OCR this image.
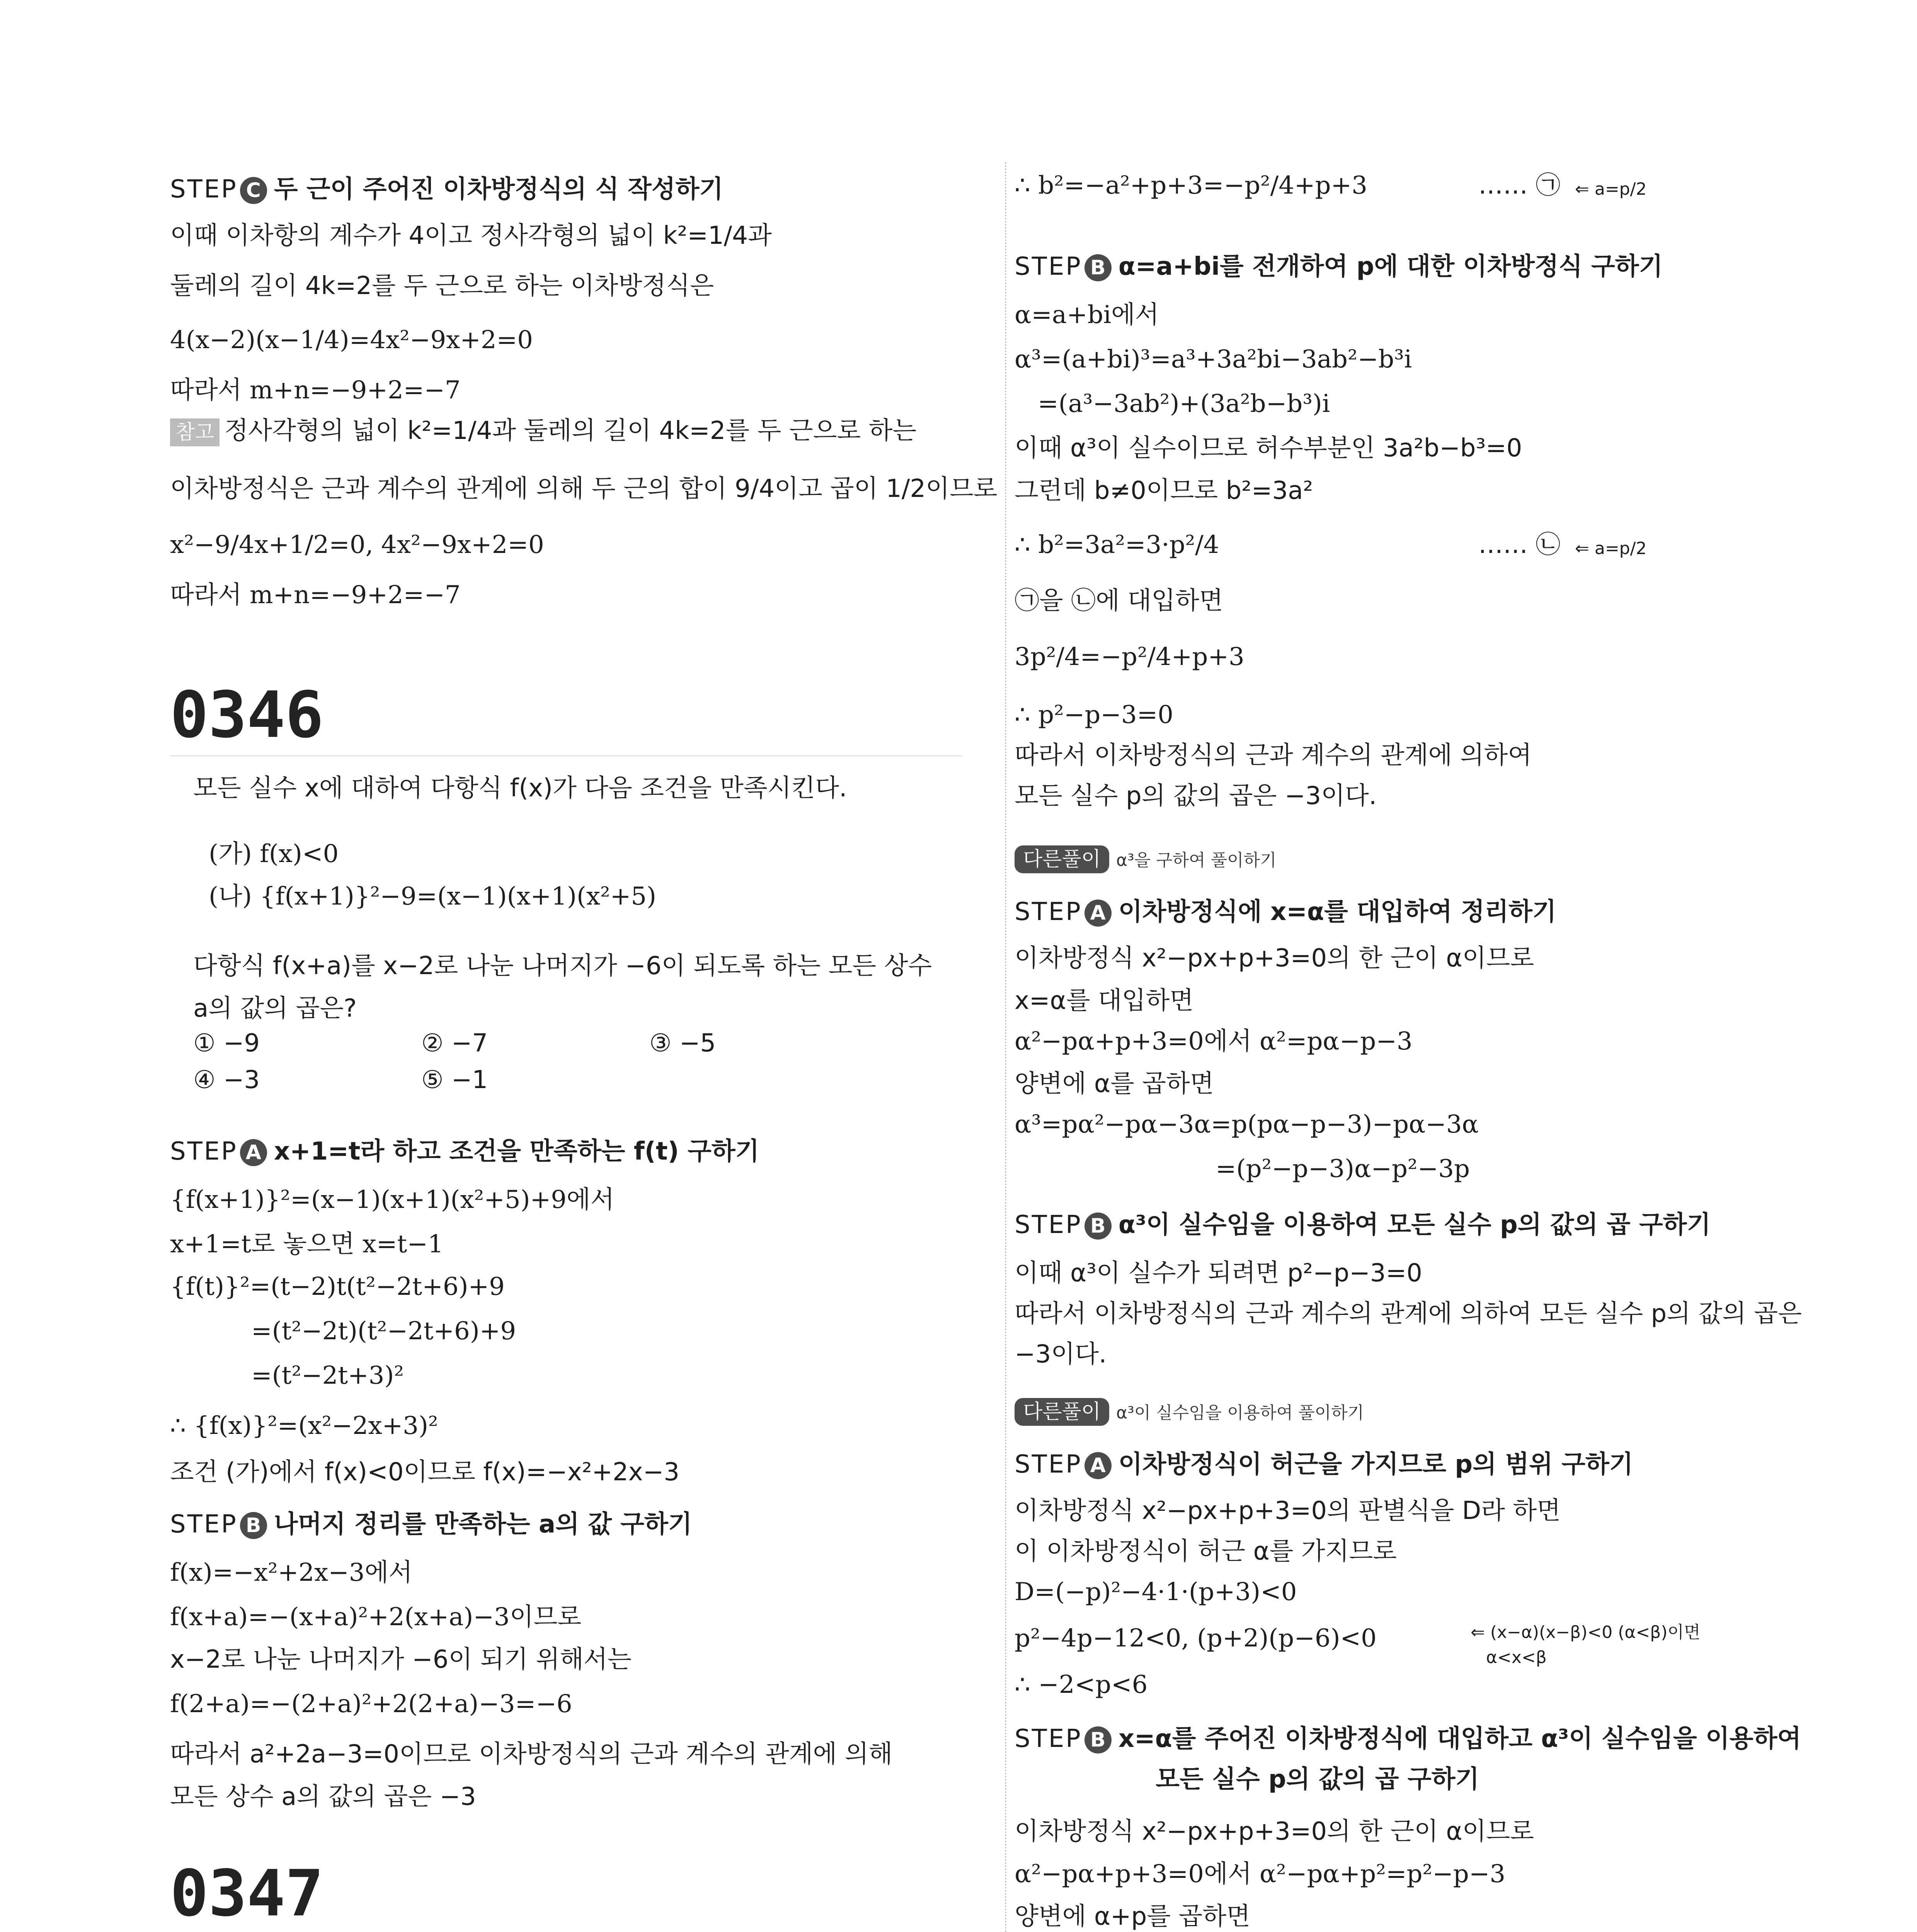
STEP C 두 근이 주어진 이차방정식의 식 작성하기
이때 이차항의 계수가 4이고 정사각형의 넓이 k²=1/4과
둘레의 길이 4k=2를 두 근으로 하는 이차방정식은
4(x−2)(x−1/4)=4x²−9x+2=0
따라서 m+n=−9+2=−7
참고 정사각형의 넓이 k²=1/4과 둘레의 길이 4k=2를 두 근으로 하는
이차방정식은 근과 계수의 관계에 의해 두 근의 합이 9/4이고 곱이 1/2이므로
x²−9/4x+1/2=0, 4x²−9x+2=0
따라서 m+n=−9+2=−7
0346
모든 실수 x에 대하여 다항식 f(x)가 다음 조건을 만족시킨다.
(가) f(x)<0
(나) {f(x+1)}²−9=(x−1)(x+1)(x²+5)
다항식 f(x+a)를 x−2로 나눈 나머지가 −6이 되도록 하는 모든 상수
a의 값의 곱은?
① −9	② −7	③ −5
④ −3	⑤ −1
STEP A x+1=t라 하고 조건을 만족하는 f(t) 구하기
{f(x+1)}²=(x−1)(x+1)(x²+5)+9에서
x+1=t로 놓으면 x=t−1
{f(t)}²=(t−2)t(t²−2t+6)+9
=(t²−2t)(t²−2t+6)+9
=(t²−2t+3)²
∴ {f(x)}²=(x²−2x+3)²
조건 (가)에서 f(x)<0이므로 f(x)=−x²+2x−3
STEP B 나머지 정리를 만족하는 a의 값 구하기
f(x)=−x²+2x−3에서
f(x+a)=−(x+a)²+2(x+a)−3이므로
x−2로 나눈 나머지가 −6이 되기 위해서는
f(2+a)=−(2+a)²+2(2+a)−3=−6
따라서 a²+2a−3=0이므로 이차방정식의 근과 계수의 관계에 의해
모든 상수 a의 값의 곱은 −3
0347
∴ b²=−a²+p+3=−p²/4+p+3	…… ㉠ ⇐ a=p/2
STEP B α=a+bi를 전개하여 p에 대한 이차방정식 구하기
α=a+bi에서
α³=(a+bi)³=a³+3a²bi−3ab²−b³i
=(a³−3ab²)+(3a²b−b³)i
이때 α³이 실수이므로 허수부분인 3a²b−b³=0
그런데 b≠0이므로 b²=3a²
∴ b²=3a²=3·p²/4	…… ㉡ ⇐ a=p/2
㉠을 ㉡에 대입하면
3p²/4=−p²/4+p+3
∴ p²−p−3=0
따라서 이차방정식의 근과 계수의 관계에 의하여
모든 실수 p의 값의 곱은 −3이다.
다른풀이 α³을 구하여 풀이하기
STEP A 이차방정식에 x=α를 대입하여 정리하기
이차방정식 x²−px+p+3=0의 한 근이 α이므로
x=α를 대입하면
α²−pα+p+3=0에서 α²=pα−p−3
양변에 α를 곱하면
α³=pα²−pα−3α=p(pα−p−3)−pα−3α
=(p²−p−3)α−p²−3p
STEP B α³이 실수임을 이용하여 모든 실수 p의 값의 곱 구하기
이때 α³이 실수가 되려면 p²−p−3=0
따라서 이차방정식의 근과 계수의 관계에 의하여 모든 실수 p의 값의 곱은
−3이다.
다른풀이 α³이 실수임을 이용하여 풀이하기
STEP A 이차방정식이 허근을 가지므로 p의 범위 구하기
이차방정식 x²−px+p+3=0의 판별식을 D라 하면
이 이차방정식이 허근 α를 가지므로
D=(−p)²−4·1·(p+3)<0
p²−4p−12<0, (p+2)(p−6)<0	⇐ (x−α)(x−β)<0 (α<β)이면
α<x<β
∴ −2<p<6
STEP B x=α를 주어진 이차방정식에 대입하고 α³이 실수임을 이용하여
모든 실수 p의 값의 곱 구하기
이차방정식 x²−px+p+3=0의 한 근이 α이므로
α²−pα+p+3=0에서 α²−pα+p²=p²−p−3
양변에 α+p를 곱하면
